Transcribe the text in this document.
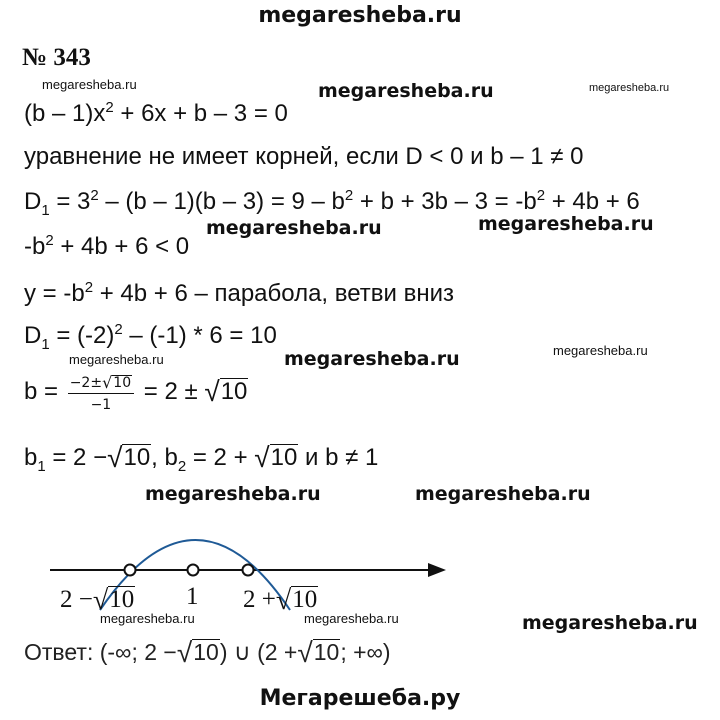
megaresheba.ru
№ 343
megaresheba.ru	megaresheba.ru	megaresheba.ru
megaresheba.ru	megaresheba.ru
megaresheba.ru	megaresheba.ru	megaresheba.ru
megaresheba.ru	megaresheba.ru
megaresheba.ru	megaresheba.ru	megaresheba.ru
$(b - 1)x^2 + 6x + b - 3 = 0$
уравнение не имеет корней, если D < 0 и b – 1 ≠ 0
$D_1 = 3^2 - (b - 1)(b - 3) = 9 - b^2 + b + 3b - 3 = -b^2 + 4b + 6$
$-b^2 + 4b + 6 < 0$
$y = -b^2 + 4b + 6$ – парабола, ветви вниз
$D_1 = (-2)^2 - (-1) * 6 = 10$
$b = \frac{-2\pm√10}{-1} = 2 \pm √10$
$b_1 = 2 -√10$, $b_2 = 2 + √10$ и b ≠ 1
2 −√10 1 2 +√10
Ответ: (-∞; 2 −√10) ∪ (2 +√10; +∞)
Мегарешеба.ру
